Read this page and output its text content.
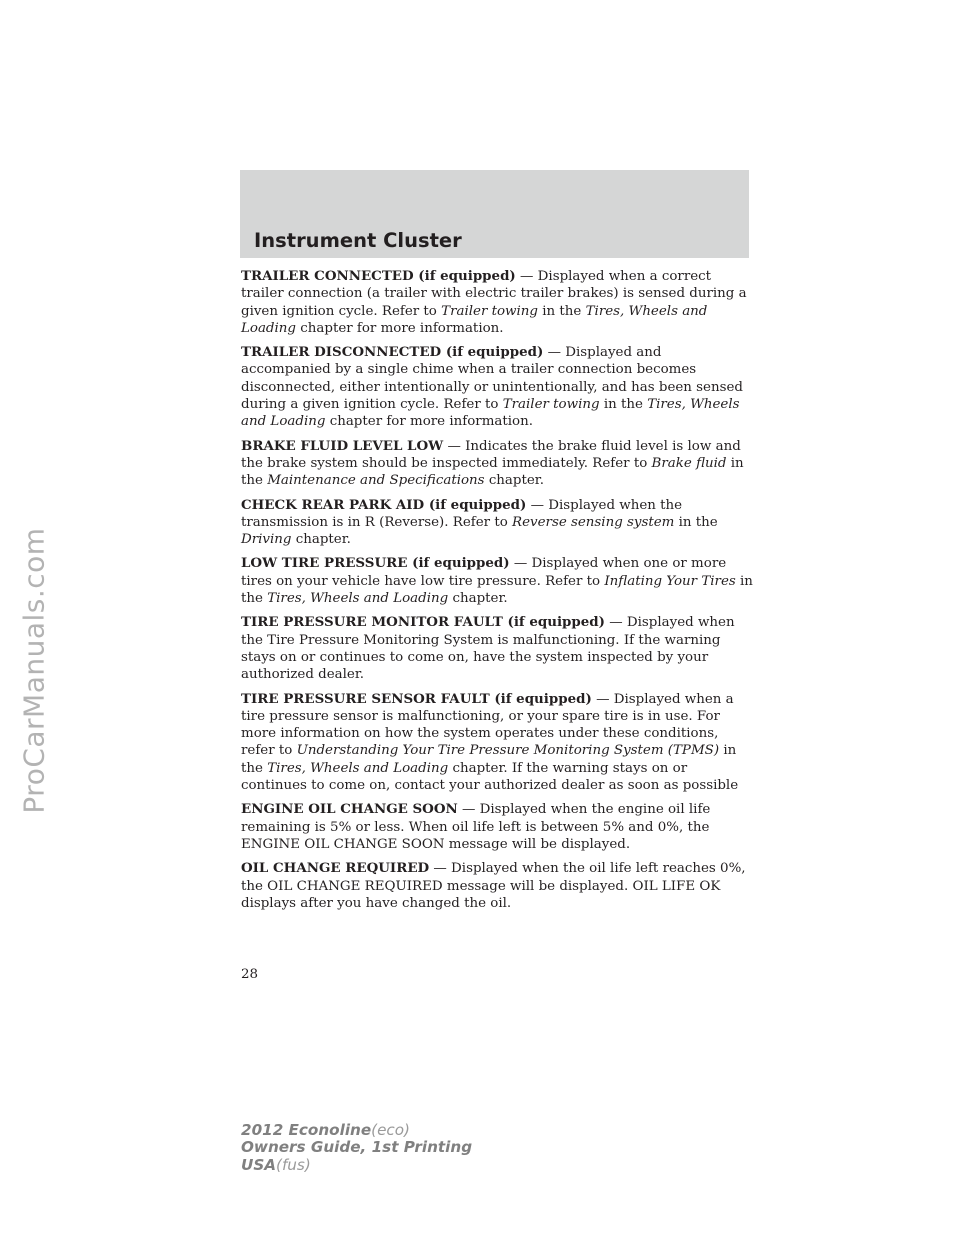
ProCarManuals.com
Instrument Cluster

TRAILER CONNECTED (if equipped) — Displayed when a correct trailer connection (a trailer with electric trailer brakes) is sensed during a given ignition cycle. Refer to Trailer towing in the Tires, Wheels and Loading chapter for more information.

TRAILER DISCONNECTED (if equipped) — Displayed and accompanied by a single chime when a trailer connection becomes disconnected, either intentionally or unintentionally, and has been sensed during a given ignition cycle. Refer to Trailer towing in the Tires, Wheels and Loading chapter for more information.

BRAKE FLUID LEVEL LOW — Indicates the brake fluid level is low and the brake system should be inspected immediately. Refer to Brake fluid in the Maintenance and Specifications chapter.

CHECK REAR PARK AID (if equipped) — Displayed when the transmission is in R (Reverse). Refer to Reverse sensing system in the Driving chapter.

LOW TIRE PRESSURE (if equipped) — Displayed when one or more tires on your vehicle have low tire pressure. Refer to Inflating Your Tires in the Tires, Wheels and Loading chapter.

TIRE PRESSURE MONITOR FAULT (if equipped) — Displayed when the Tire Pressure Monitoring System is malfunctioning. If the warning stays on or continues to come on, have the system inspected by your authorized dealer.

TIRE PRESSURE SENSOR FAULT (if equipped) — Displayed when a tire pressure sensor is malfunctioning, or your spare tire is in use. For more information on how the system operates under these conditions, refer to Understanding Your Tire Pressure Monitoring System (TPMS) in the Tires, Wheels and Loading chapter. If the warning stays on or continues to come on, contact your authorized dealer as soon as possible

ENGINE OIL CHANGE SOON — Displayed when the engine oil life remaining is 5% or less. When oil life left is between 5% and 0%, the ENGINE OIL CHANGE SOON message will be displayed.

OIL CHANGE REQUIRED — Displayed when the oil life left reaches 0%, the OIL CHANGE REQUIRED message will be displayed. OIL LIFE OK displays after you have changed the oil.

28
2012 Econoline(eco)
Owners Guide, 1st Printing
USA(fus)
